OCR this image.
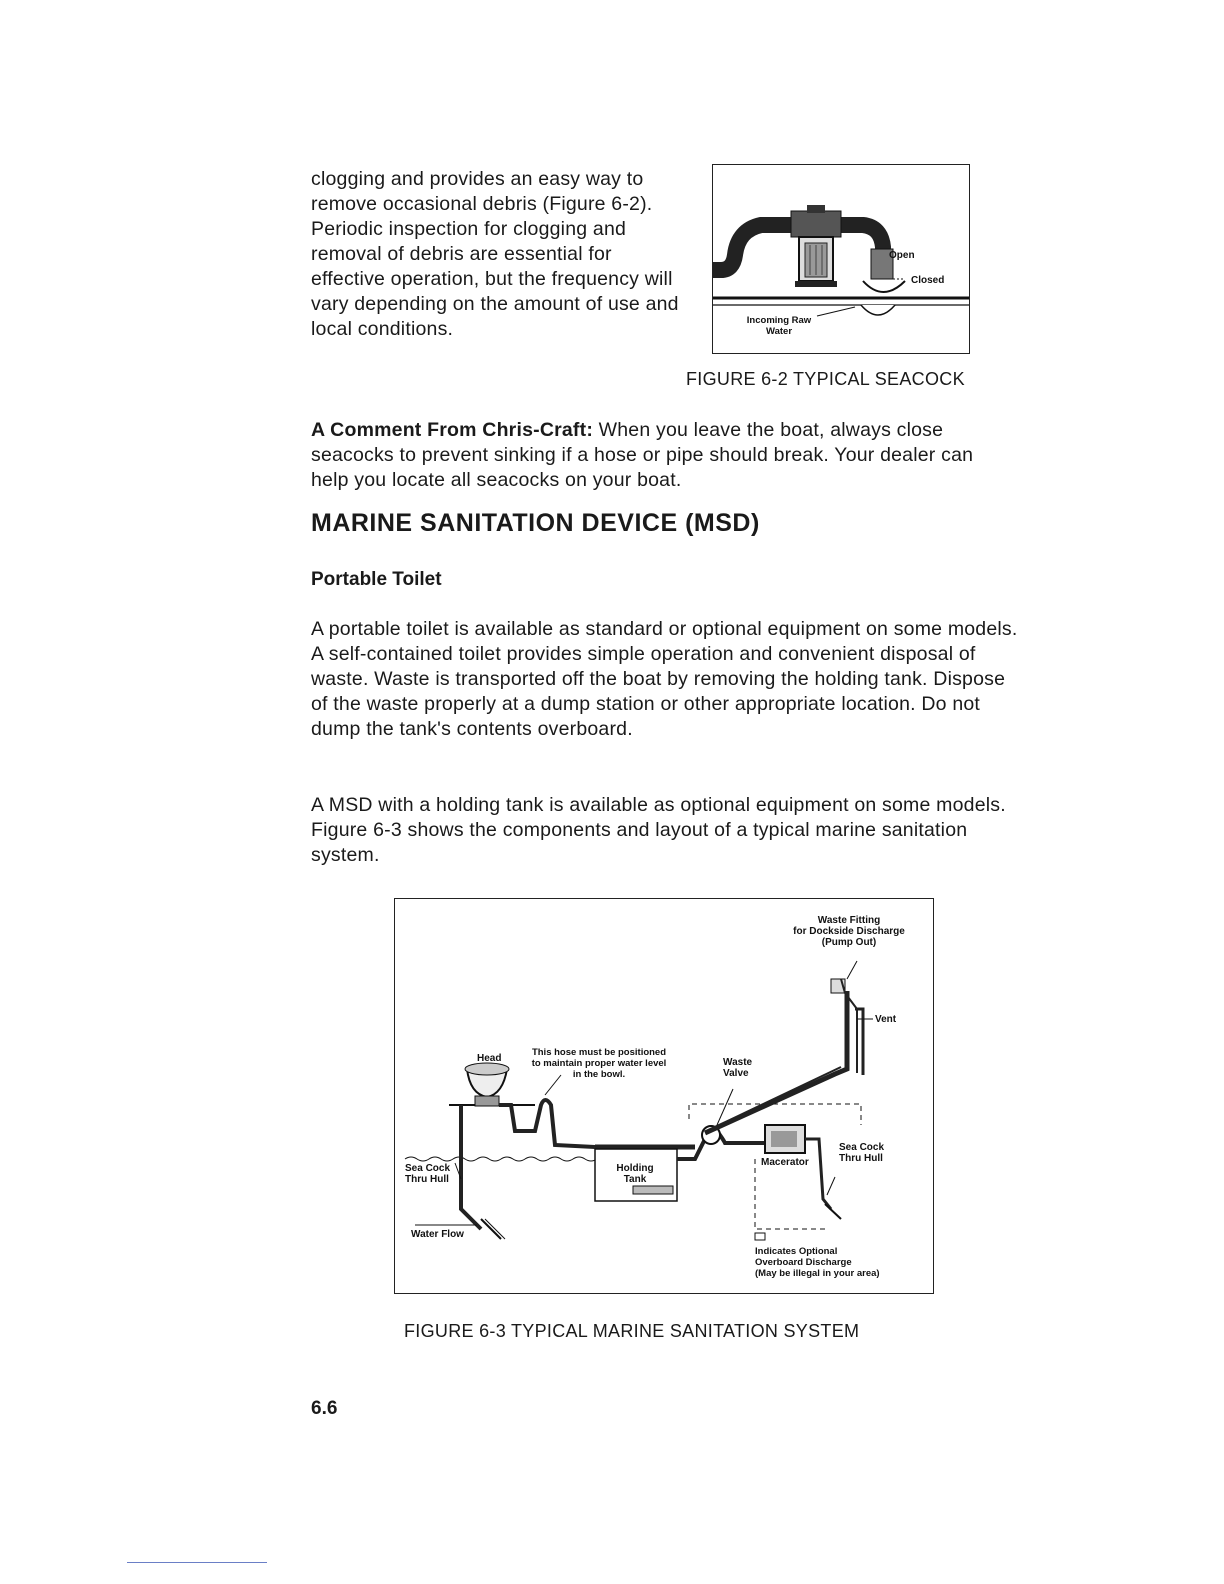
clogging and provides an easy way to remove occasional debris (Figure 6-2). Periodic inspection for clogging and removal of debris are essential for effective operation, but the frequency will vary depending on the amount of use and local conditions.
Open
Closed
Incoming Raw
Water
FIGURE 6-2 TYPICAL SEACOCK
A Comment From Chris-Craft: When you leave the boat, always close seacocks to prevent sinking if a hose or pipe should break. Your dealer can help you locate all seacocks on your boat.
MARINE SANITATION DEVICE (MSD)
Portable Toilet
A portable toilet is available as standard or optional equipment on some models. A self-contained toilet provides simple operation and convenient disposal of waste. Waste is transported off the boat by removing the holding tank. Dispose of the waste properly at a dump station or other appropriate location. Do not dump the tank's contents overboard.
A MSD with a holding tank is available as optional equipment on some models. Figure 6-3 shows the components and layout of a typical marine sanitation system.
Waste Fitting
for Dockside Discharge
(Pump Out)
Vent
Head
This hose must be positioned
to maintain proper water level
in the bowl.
Waste
Valve
Sea Cock
Thru Hull
Macerator
Sea Cock
Thru Hull
Holding
Tank
Water Flow
Indicates Optional
Overboard Discharge
(May be illegal in your area)
FIGURE 6-3 TYPICAL MARINE SANITATION SYSTEM
6.6
